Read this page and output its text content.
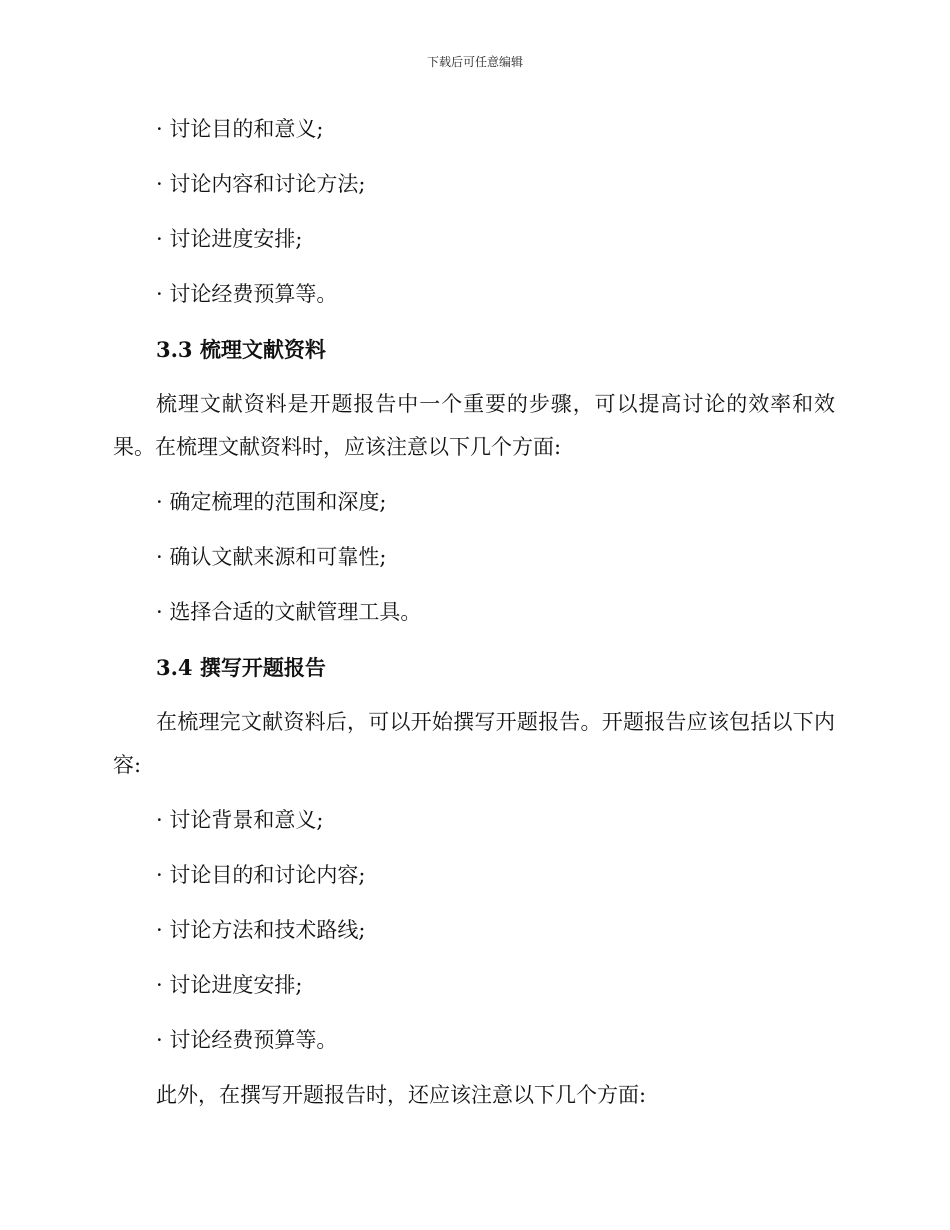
下载后可任意编辑
· 讨论目的和意义;
· 讨论内容和讨论方法;
· 讨论进度安排;
· 讨论经费预算等。
3.3 梳理文献资料
梳理文献资料是开题报告中一个重要的步骤，可以提高讨论的效率和效果。在梳理文献资料时，应该注意以下几个方面:
· 确定梳理的范围和深度;
· 确认文献来源和可靠性;
· 选择合适的文献管理工具。
3.4 撰写开题报告
在梳理完文献资料后，可以开始撰写开题报告。开题报告应该包括以下内容:
· 讨论背景和意义;
· 讨论目的和讨论内容;
· 讨论方法和技术路线;
· 讨论进度安排;
· 讨论经费预算等。
此外，在撰写开题报告时，还应该注意以下几个方面:
